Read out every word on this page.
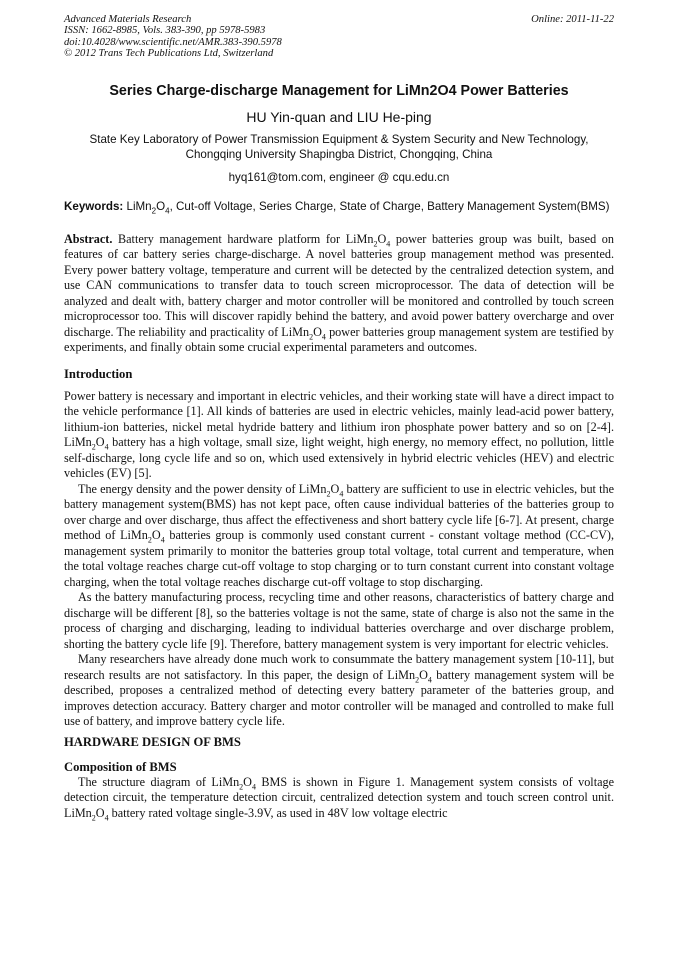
Advanced Materials Research
ISSN: 1662-8985, Vols. 383-390, pp 5978-5983
doi:10.4028/www.scientific.net/AMR.383-390.5978
© 2012 Trans Tech Publications Ltd, Switzerland
Online: 2011-11-22
Series Charge-discharge Management for LiMn2O4 Power Batteries
HU Yin-quan and LIU He-ping
State Key Laboratory of Power Transmission Equipment & System Security and New Technology,
Chongqing University Shapingba District, Chongqing, China
hyq161@tom.com, engineer @ cqu.edu.cn
Keywords: $LiMn_2O_4$, Cut-off Voltage, Series Charge, State of Charge, Battery Management System(BMS)

Abstract. Battery management hardware platform for $LiMn_2O_4$ power batteries group was built, based on features of car battery series charge-discharge. A novel batteries group management method was presented. Every power battery voltage, temperature and current will be detected by the centralized detection system, and use CAN communications to transfer data to touch screen microprocessor. The data of detection will be analyzed and dealt with, battery charger and motor controller will be monitored and controlled by touch screen microprocessor too. This will discover rapidly behind the battery, and avoid power battery overcharge and over discharge. The reliability and practicality of $LiMn_2O_4$ power batteries group management system are testified by experiments, and finally obtain some crucial experimental parameters and outcomes.

Introduction

Power battery is necessary and important in electric vehicles, and their working state will have a direct impact to the vehicle performance [1]. All kinds of batteries are used in electric vehicles, mainly lead-acid power battery, lithium-ion batteries, nickel metal hydride battery and lithium iron phosphate power battery and so on [2-4]. $LiMn_2O_4$ battery has a high voltage, small size, light weight, high energy, no memory effect, no pollution, little self-discharge, long cycle life and so on, which used extensively in hybrid electric vehicles (HEV) and electric vehicles (EV) [5].

The energy density and the power density of $LiMn_2O_4$ battery are sufficient to use in electric vehicles, but the battery management system(BMS) has not kept pace, often cause individual batteries of the batteries group to over charge and over discharge, thus affect the effectiveness and short battery cycle life [6-7]. At present, charge method of $LiMn_2O_4$ batteries group is commonly used constant current - constant voltage method (CC-CV), management system primarily to monitor the batteries group total voltage, total current and temperature, when the total voltage reaches charge cut-off voltage to stop charging or to turn constant current into constant voltage charging, when the total voltage reaches discharge cut-off voltage to stop discharging.

As the battery manufacturing process, recycling time and other reasons, characteristics of battery charge and discharge will be different [8], so the batteries voltage is not the same, state of charge is also not the same in the process of charging and discharging, leading to individual batteries overcharge and over discharge problem, shorting the battery cycle life [9]. Therefore, battery management system is very important for electric vehicles.

Many researchers have already done much work to consummate the battery management system [10-11], but research results are not satisfactory. In this paper, the design of $LiMn_2O_4$ battery management system will be described, proposes a centralized method of detecting every battery parameter of the batteries group, and improves detection accuracy. Battery charger and motor controller will be managed and controlled to make full use of battery, and improve battery cycle life.

HARDWARE DESIGN OF BMS

Composition of BMS

The structure diagram of $LiMn_2O_4$ BMS is shown in Figure 1. Management system consists of voltage detection circuit, the temperature detection circuit, centralized detection system and touch screen control unit. $LiMn_2O_4$ battery rated voltage single-3.9V, as used in 48V low voltage electric
